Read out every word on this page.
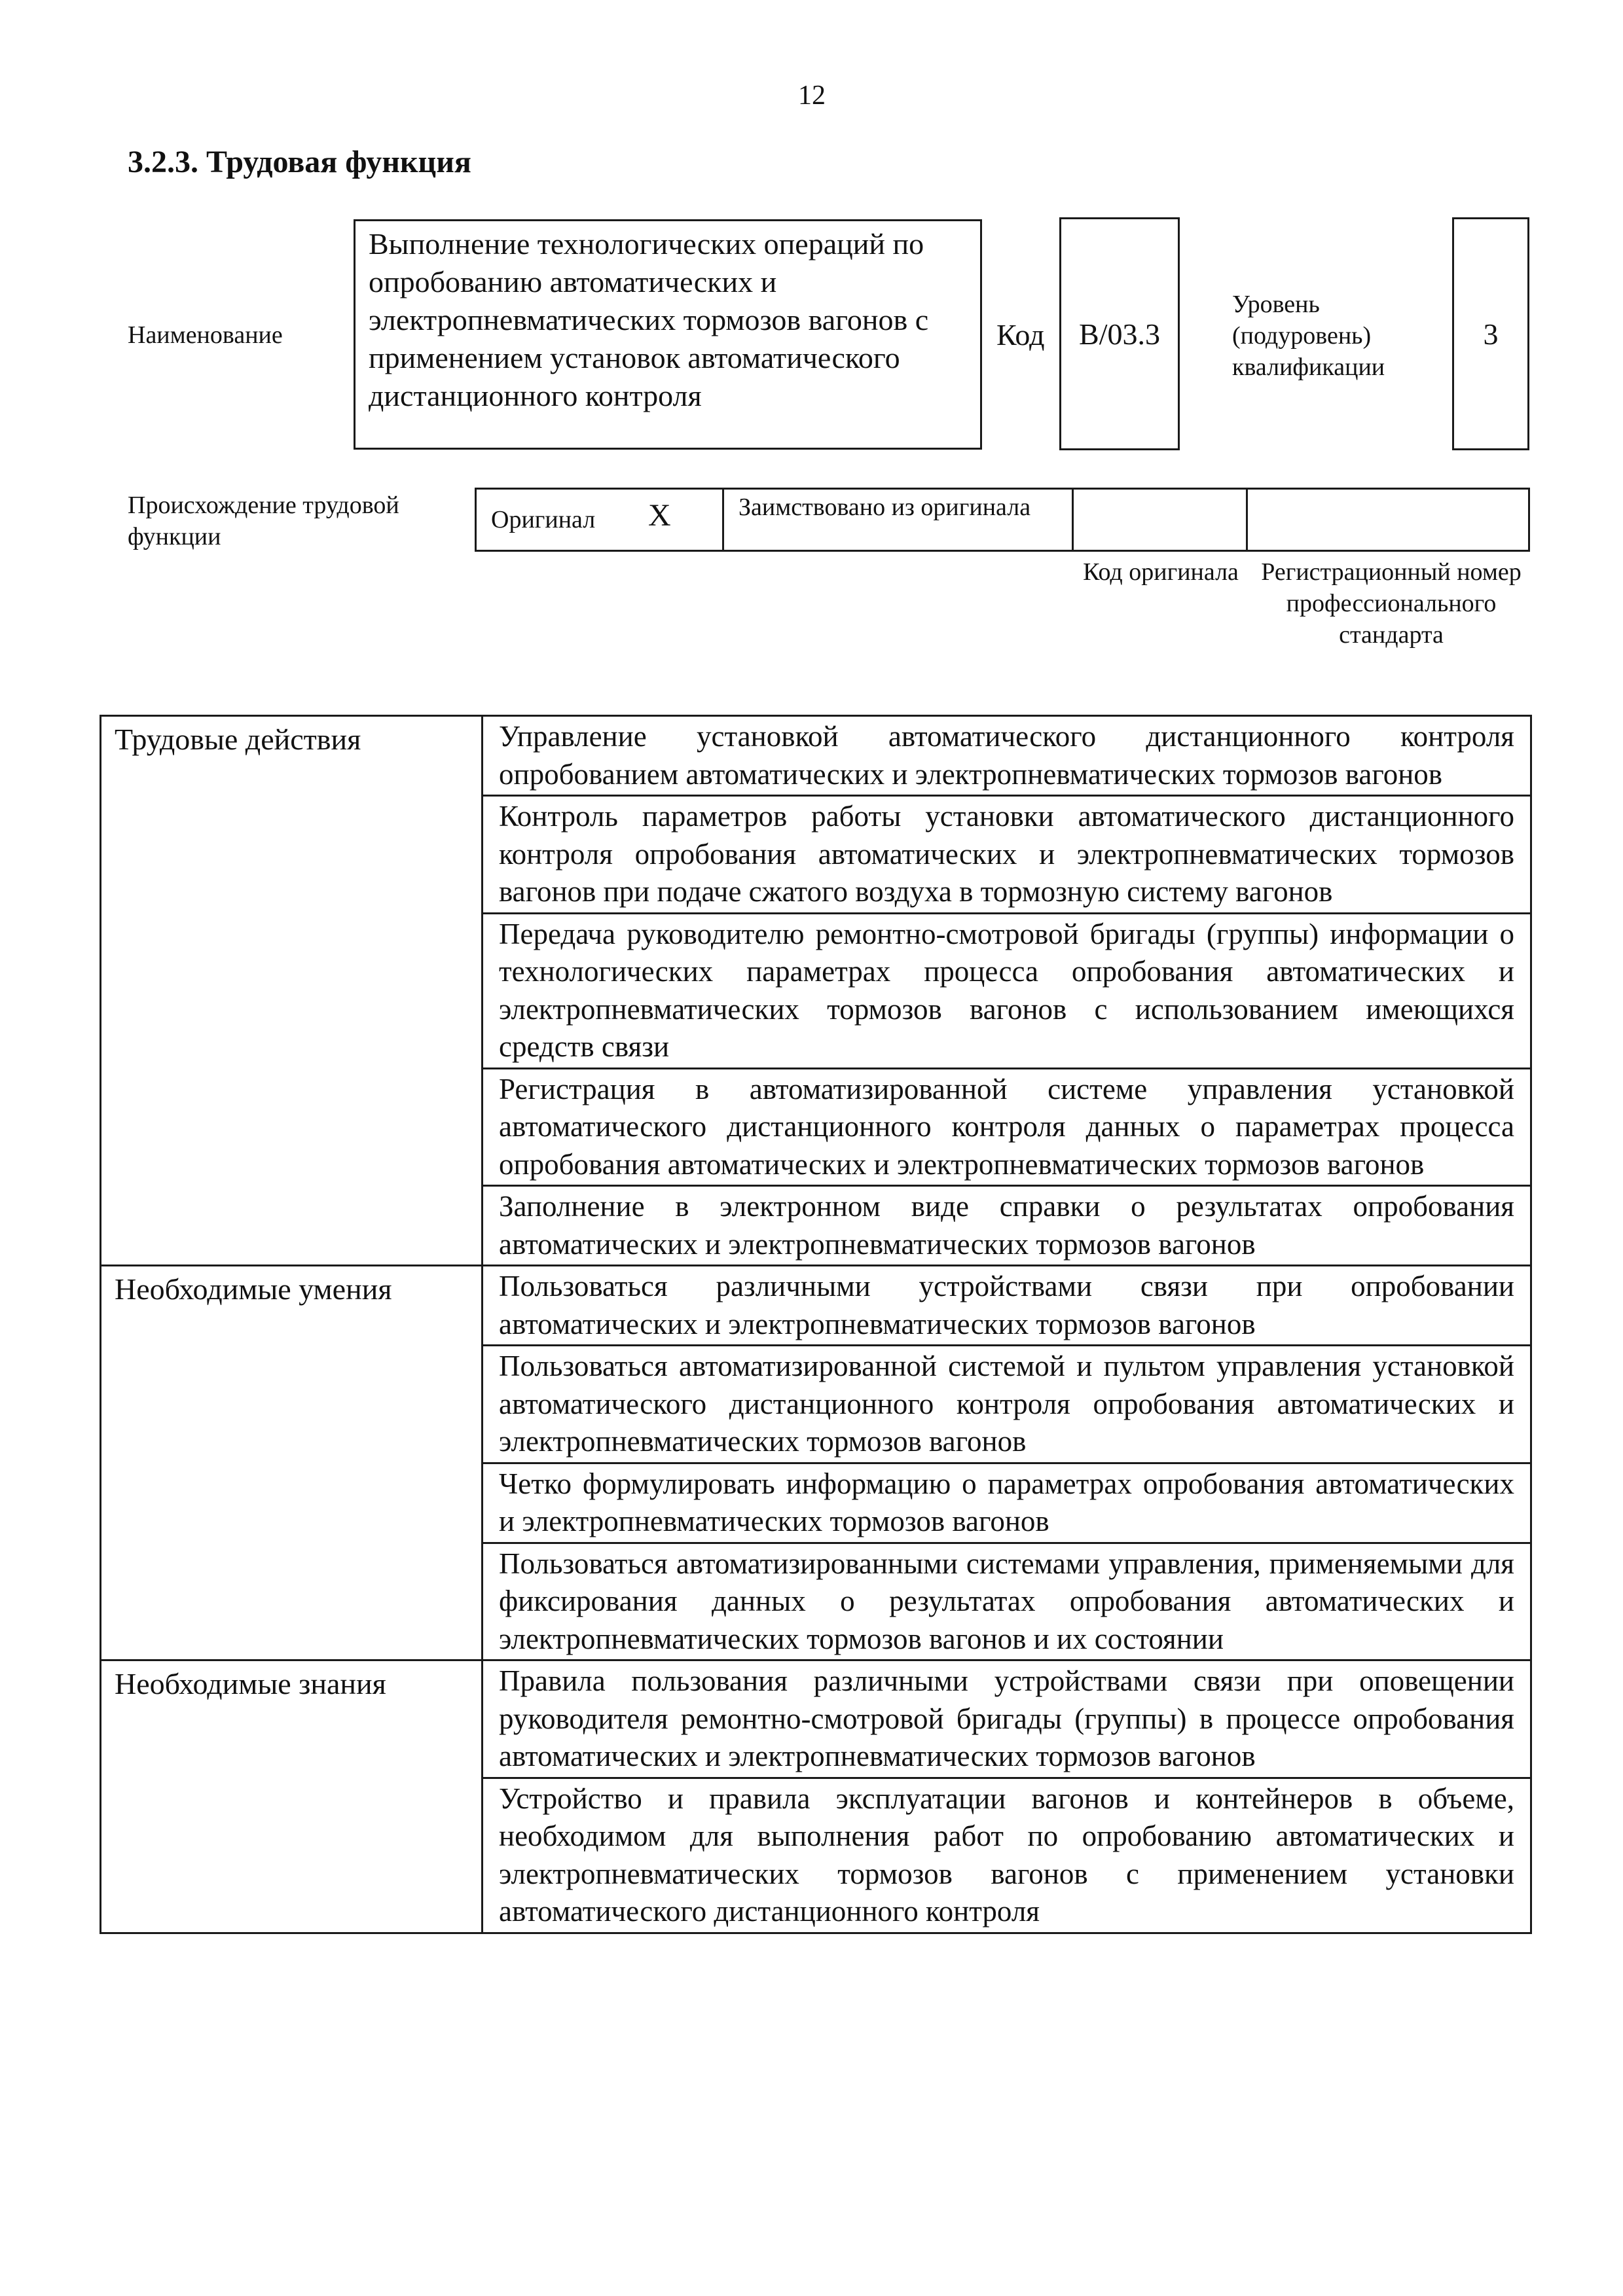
12
3.2.3. Трудовая функция
Наименование
Выполнение технологических операций по опробованию автоматических и электропневматических тормозов вагонов с применением установок автоматического дистанционного контроля
Код	B/03.3
Уровень (подуровень) квалификации
3
Происхождение трудовой функции
Оригинал X	Заимствовано из оригинала
Код оригинала Регистрационный номер профессионального стандарта
Трудовые действия	Управление установкой автоматического дистанционного контроля опробованием автоматических и электропневматических тормозов вагонов
	Контроль параметров работы установки автоматического дистанционного контроля опробования автоматических и электропневматических тормозов вагонов при подаче сжатого воздуха в тормозную систему вагонов
	Передача руководителю ремонтно-смотровой бригады (группы) информации о технологических параметрах процесса опробования автоматических и электропневматических тормозов вагонов с использованием имеющихся средств связи
	Регистрация в автоматизированной системе управления установкой автоматического дистанционного контроля данных о параметрах процесса опробования автоматических и электропневматических тормозов вагонов
	Заполнение в электронном виде справки о результатах опробования автоматических и электропневматических тормозов вагонов
Необходимые умения	Пользоваться различными устройствами связи при опробовании автоматических и электропневматических тормозов вагонов
	Пользоваться автоматизированной системой и пультом управления установкой автоматического дистанционного контроля опробования автоматических и электропневматических тормозов вагонов
	Четко формулировать информацию о параметрах опробования автоматических и электропневматических тормозов вагонов
	Пользоваться автоматизированными системами управления, применяемыми для фиксирования данных о результатах опробования автоматических и электропневматических тормозов вагонов и их состоянии
Необходимые знания	Правила пользования различными устройствами связи при оповещении руководителя ремонтно-смотровой бригады (группы) в процессе опробования автоматических и электропневматических тормозов вагонов
	Устройство и правила эксплуатации вагонов и контейнеров в объеме, необходимом для выполнения работ по опробованию автоматических и электропневматических тормозов вагонов с применением установки автоматического дистанционного контроля
